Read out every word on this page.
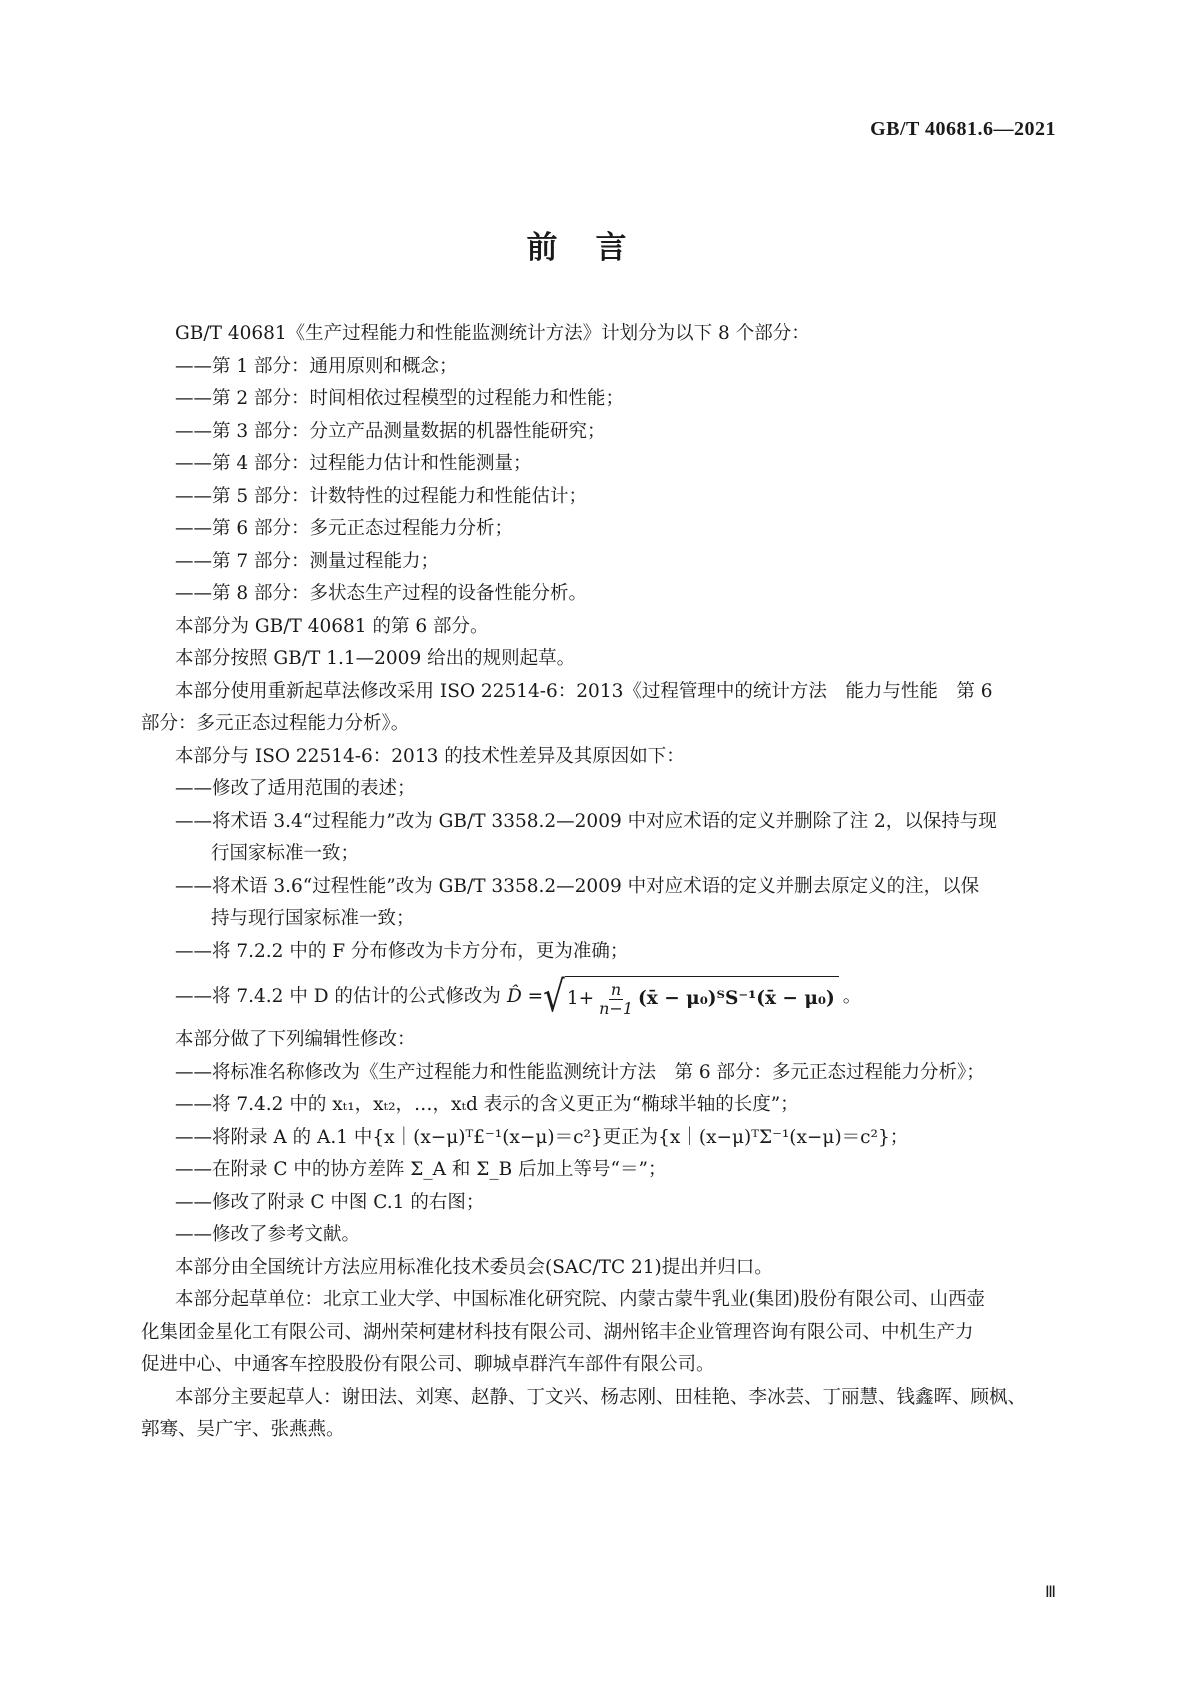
GB/T 40681.6—2021
前言
GB/T 40681《生产过程能力和性能监测统计方法》计划分为以下 8 个部分：
——第 1 部分：通用原则和概念；
——第 2 部分：时间相依过程模型的过程能力和性能；
——第 3 部分：分立产品测量数据的机器性能研究；
——第 4 部分：过程能力估计和性能测量；
——第 5 部分：计数特性的过程能力和性能估计；
——第 6 部分：多元正态过程能力分析；
——第 7 部分：测量过程能力；
——第 8 部分：多状态生产过程的设备性能分析。
本部分为 GB/T 40681 的第 6 部分。
本部分按照 GB/T 1.1—2009 给出的规则起草。
本部分使用重新起草法修改采用 ISO 22514-6：2013《过程管理中的统计方法　能力与性能　第 6
部分：多元正态过程能力分析》。
本部分与 ISO 22514-6：2013 的技术性差异及其原因如下：
——修改了适用范围的表述；
——将术语 3.4“过程能力”改为 GB/T 3358.2—2009 中对应术语的定义并删除了注 2，以保持与现
行国家标准一致；
——将术语 3.6“过程性能”改为 GB/T 3358.2—2009 中对应术语的定义并删去原定义的注，以保
持与现行国家标准一致；
——将 7.2.2 中的 F 分布修改为卡方分布，更为准确；
——将 7.4.2 中 D 的估计的公式修改为 D̂ = √ $1+ \frac{n}{n-1}$ (x̄ − μ₀)ᵀS⁻¹(x̄ − μ₀) 。
本部分做了下列编辑性修改：
——将标准名称修改为《生产过程能力和性能监测统计方法　第 6 部分：多元正态过程能力分析》；
——将 7.4.2 中的 xₜ₁，xₜ₂，…，xₜd 表示的含义更正为“椭球半轴的长度”；
——将附录 A 的 A.1 中{x｜(x−μ)ᵀ£⁻¹(x−μ)＝c²}更正为{x｜(x−μ)ᵀΣ⁻¹(x−μ)＝c²}；
——在附录 C 中的协方差阵 Σ_A 和 Σ_B 后加上等号“＝”；
——修改了附录 C 中图 C.1 的右图；
——修改了参考文献。
本部分由全国统计方法应用标准化技术委员会(SAC/TC 21)提出并归口。
本部分起草单位：北京工业大学、中国标准化研究院、内蒙古蒙牛乳业(集团)股份有限公司、山西壶
化集团金星化工有限公司、湖州荣柯建材科技有限公司、湖州铭丰企业管理咨询有限公司、中机生产力
促进中心、中通客车控股股份有限公司、聊城卓群汽车部件有限公司。
本部分主要起草人：谢田法、刘寒、赵静、丁文兴、杨志刚、田桂艳、李冰芸、丁丽慧、钱鑫晖、顾枫、
郭骞、吴广宇、张燕燕。
Ⅲ
